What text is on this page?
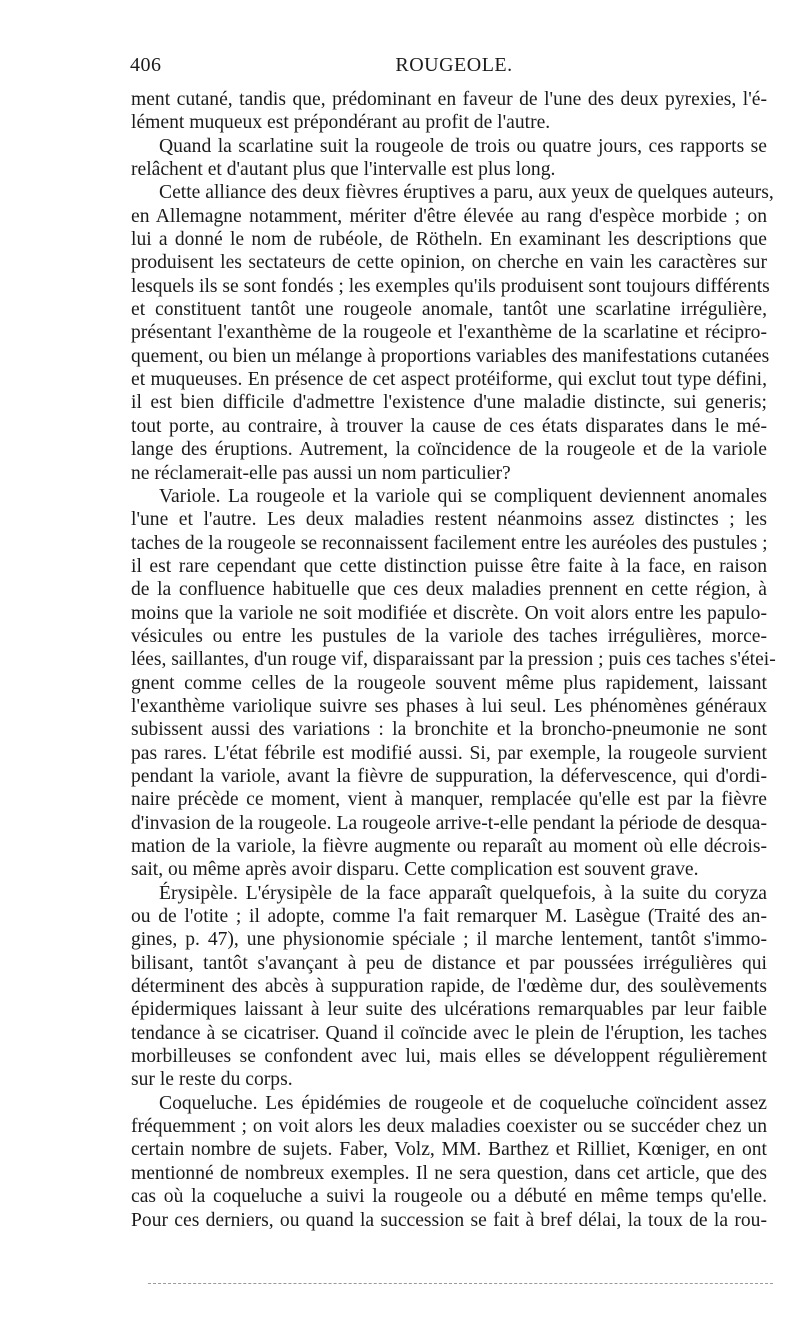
406	ROUGEOLE.
ment cutané, tandis que, prédominant en faveur de l'une des deux pyrexies, l'é-
lément muqueux est prépondérant au profit de l'autre.
Quand la scarlatine suit la rougeole de trois ou quatre jours, ces rapports se
relâchent et d'autant plus que l'intervalle est plus long.
Cette alliance des deux fièvres éruptives a paru, aux yeux de quelques auteurs,
en Allemagne notamment, mériter d'être élevée au rang d'espèce morbide ; on
lui a donné le nom de rubéole, de Rötheln. En examinant les descriptions que
produisent les sectateurs de cette opinion, on cherche en vain les caractères sur
lesquels ils se sont fondés ; les exemples qu'ils produisent sont toujours différents
et constituent tantôt une rougeole anomale, tantôt une scarlatine irrégulière,
présentant l'exanthème de la rougeole et l'exanthème de la scarlatine et récipro-
quement, ou bien un mélange à proportions variables des manifestations cutanées
et muqueuses. En présence de cet aspect protéiforme, qui exclut tout type défini,
il est bien difficile d'admettre l'existence d'une maladie distincte, sui generis;
tout porte, au contraire, à trouver la cause de ces états disparates dans le mé-
lange des éruptions. Autrement, la coïncidence de la rougeole et de la variole
ne réclamerait-elle pas aussi un nom particulier?
Variole. La rougeole et la variole qui se compliquent deviennent anomales
l'une et l'autre. Les deux maladies restent néanmoins assez distinctes ; les
taches de la rougeole se reconnaissent facilement entre les auréoles des pustules ;
il est rare cependant que cette distinction puisse être faite à la face, en raison
de la confluence habituelle que ces deux maladies prennent en cette région, à
moins que la variole ne soit modifiée et discrète. On voit alors entre les papulo-
vésicules ou entre les pustules de la variole des taches irrégulières, morce-
lées, saillantes, d'un rouge vif, disparaissant par la pression ; puis ces taches s'étei-
gnent comme celles de la rougeole souvent même plus rapidement, laissant
l'exanthème variolique suivre ses phases à lui seul. Les phénomènes généraux
subissent aussi des variations : la bronchite et la broncho-pneumonie ne sont
pas rares. L'état fébrile est modifié aussi. Si, par exemple, la rougeole survient
pendant la variole, avant la fièvre de suppuration, la défervescence, qui d'ordi-
naire précède ce moment, vient à manquer, remplacée qu'elle est par la fièvre
d'invasion de la rougeole. La rougeole arrive-t-elle pendant la période de desqua-
mation de la variole, la fièvre augmente ou reparaît au moment où elle décrois-
sait, ou même après avoir disparu. Cette complication est souvent grave.
Érysipèle. L'érysipèle de la face apparaît quelquefois, à la suite du coryza
ou de l'otite ; il adopte, comme l'a fait remarquer M. Lasègue (Traité des an-
gines, p. 47), une physionomie spéciale ; il marche lentement, tantôt s'immo-
bilisant, tantôt s'avançant à peu de distance et par poussées irrégulières qui
déterminent des abcès à suppuration rapide, de l'œdème dur, des soulèvements
épidermiques laissant à leur suite des ulcérations remarquables par leur faible
tendance à se cicatriser. Quand il coïncide avec le plein de l'éruption, les taches
morbilleuses se confondent avec lui, mais elles se développent régulièrement
sur le reste du corps.
Coqueluche. Les épidémies de rougeole et de coqueluche coïncident assez
fréquemment ; on voit alors les deux maladies coexister ou se succéder chez un
certain nombre de sujets. Faber, Volz, MM. Barthez et Rilliet, Kœniger, en ont
mentionné de nombreux exemples. Il ne sera question, dans cet article, que des
cas où la coqueluche a suivi la rougeole ou a débuté en même temps qu'elle.
Pour ces derniers, ou quand la succession se fait à bref délai, la toux de la rou-
